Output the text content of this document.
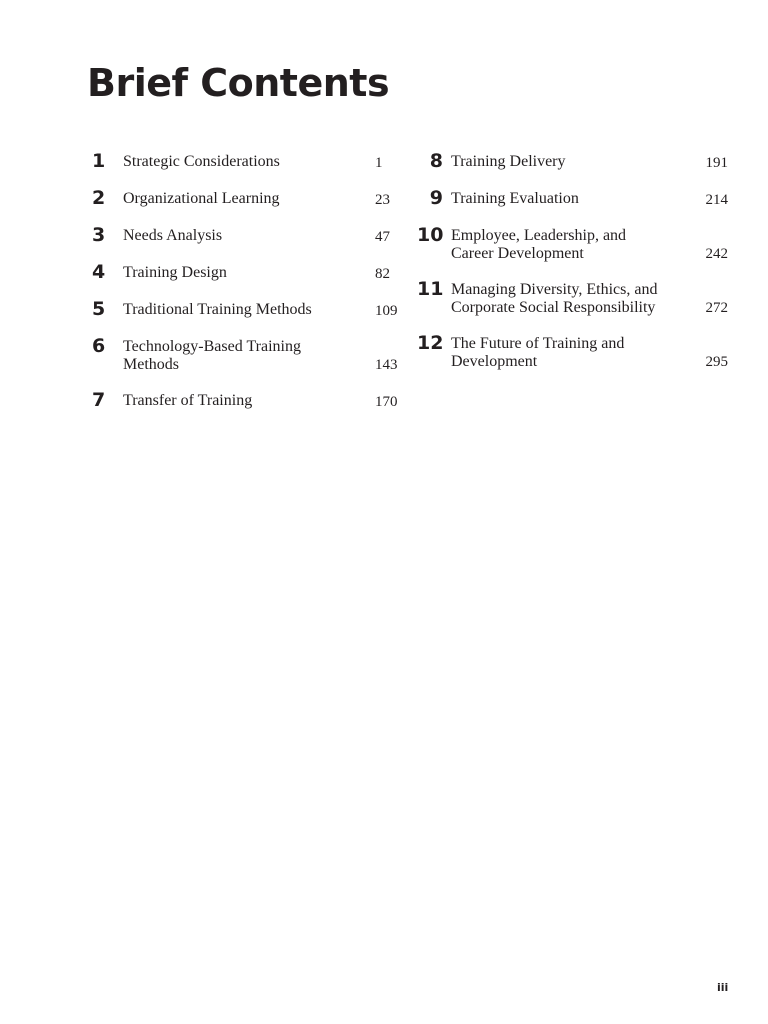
Brief Contents
1 Strategic Considerations	1
2 Organizational Learning	23
3 Needs Analysis	47
4 Training Design	82
5 Traditional Training Methods	109
6 Technology-Based Training Methods	143
7 Transfer of Training	170
8 Training Delivery	191
9 Training Evaluation	214
10 Employee, Leadership, and Career Development	242
11 Managing Diversity, Ethics, and Corporate Social Responsibility	272
12 The Future of Training and Development	295
iii
